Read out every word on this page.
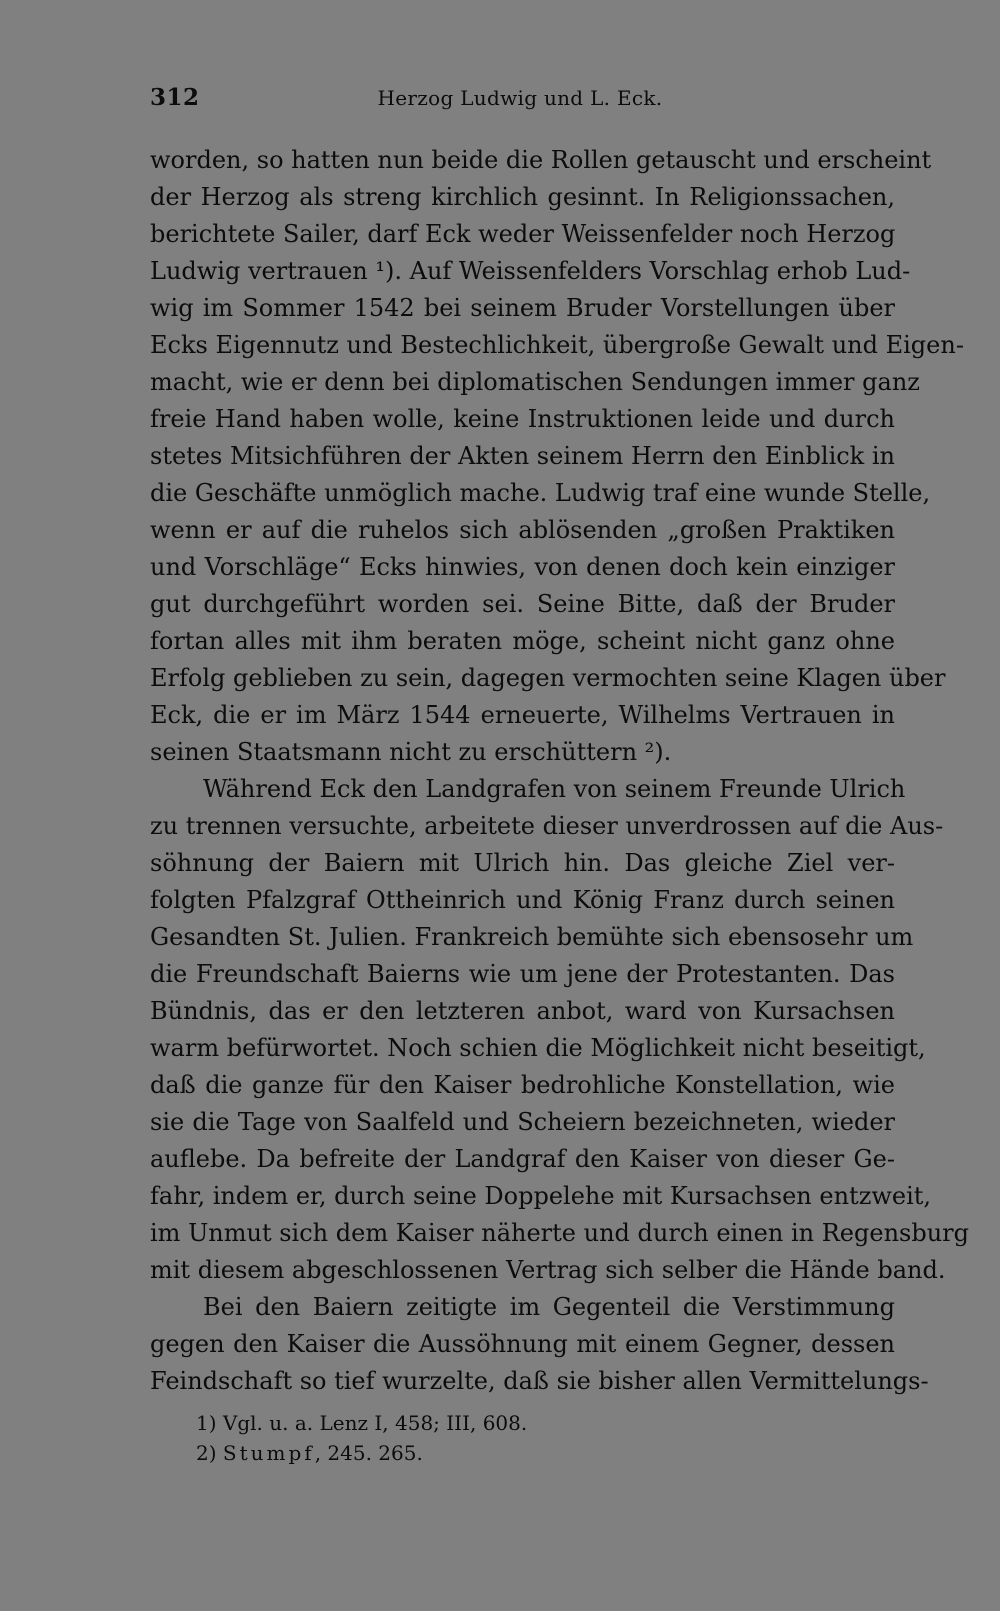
312	Herzog Ludwig und L. Eck.
worden, so hatten nun beide die Rollen getauscht und erscheint
der Herzog als streng kirchlich gesinnt. In Religionssachen,
berichtete Sailer, darf Eck weder Weissenfelder noch Herzog
Ludwig vertrauen ¹). Auf Weissenfelders Vorschlag erhob Lud-
wig im Sommer 1542 bei seinem Bruder Vorstellungen über
Ecks Eigennutz und Bestechlichkeit, übergroße Gewalt und Eigen-
macht, wie er denn bei diplomatischen Sendungen immer ganz
freie Hand haben wolle, keine Instruktionen leide und durch
stetes Mitsichführen der Akten seinem Herrn den Einblick in
die Geschäfte unmöglich mache. Ludwig traf eine wunde Stelle,
wenn er auf die ruhelos sich ablösenden „großen Praktiken
und Vorschläge“ Ecks hinwies, von denen doch kein einziger
gut durchgeführt worden sei. Seine Bitte, daß der Bruder
fortan alles mit ihm beraten möge, scheint nicht ganz ohne
Erfolg geblieben zu sein, dagegen vermochten seine Klagen über
Eck, die er im März 1544 erneuerte, Wilhelms Vertrauen in
seinen Staatsmann nicht zu erschüttern ²).
Während Eck den Landgrafen von seinem Freunde Ulrich
zu trennen versuchte, arbeitete dieser unverdrossen auf die Aus-
söhnung der Baiern mit Ulrich hin. Das gleiche Ziel ver-
folgten Pfalzgraf Ottheinrich und König Franz durch seinen
Gesandten St. Julien. Frankreich bemühte sich ebensosehr um
die Freundschaft Baierns wie um jene der Protestanten. Das
Bündnis, das er den letzteren anbot, ward von Kursachsen
warm befürwortet. Noch schien die Möglichkeit nicht beseitigt,
daß die ganze für den Kaiser bedrohliche Konstellation, wie
sie die Tage von Saalfeld und Scheiern bezeichneten, wieder
auflebe. Da befreite der Landgraf den Kaiser von dieser Ge-
fahr, indem er, durch seine Doppelehe mit Kursachsen entzweit,
im Unmut sich dem Kaiser näherte und durch einen in Regensburg
mit diesem abgeschlossenen Vertrag sich selber die Hände band.
Bei den Baiern zeitigte im Gegenteil die Verstimmung
gegen den Kaiser die Aussöhnung mit einem Gegner, dessen
Feindschaft so tief wurzelte, daß sie bisher allen Vermittelungs-
1) Vgl. u. a. Lenz I, 458; III, 608.
2) Stumpf, 245. 265.
